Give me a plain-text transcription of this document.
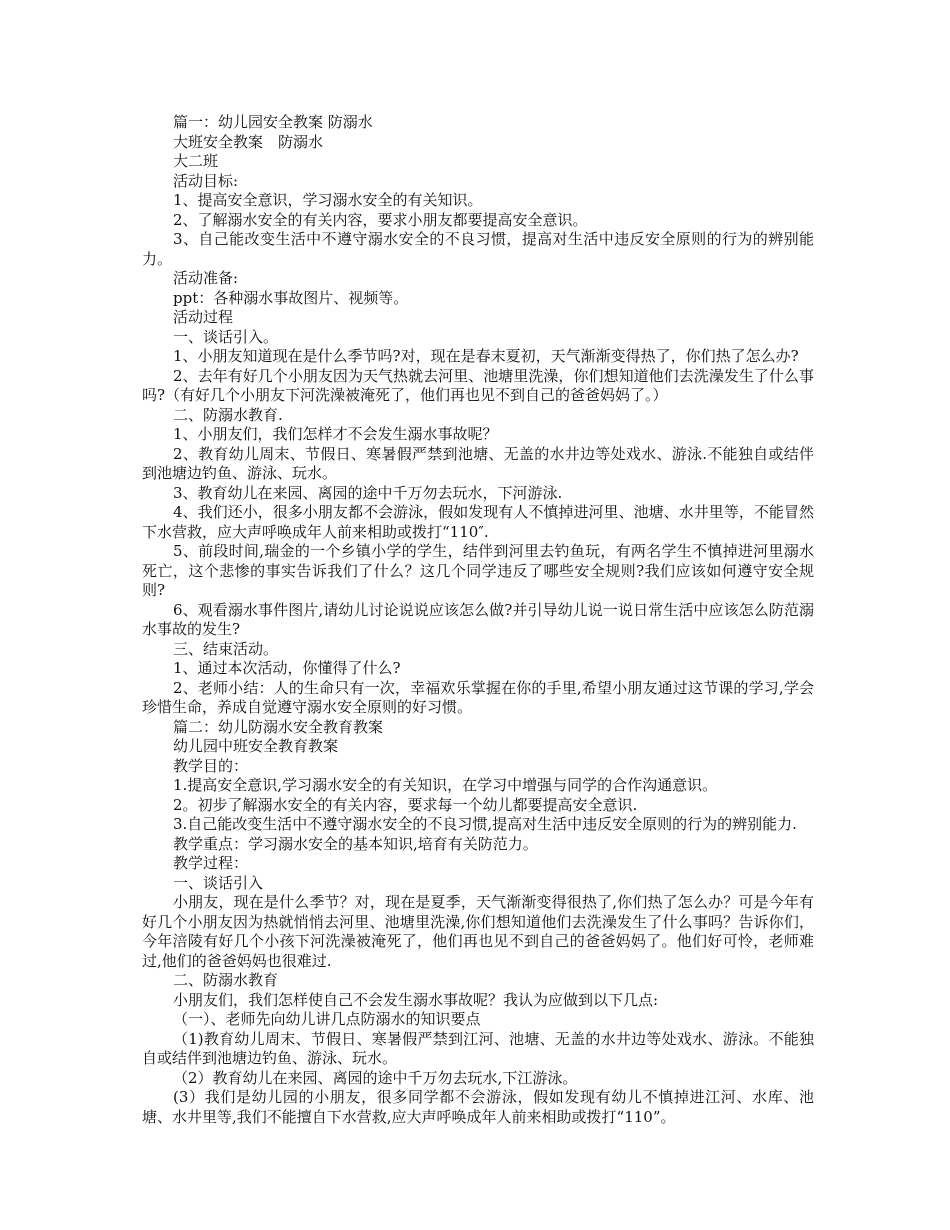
篇一：幼儿园安全教案 防溺水

大班安全教案　防溺水

大二班

活动目标:

1、提高安全意识，学习溺水安全的有关知识。

2、了解溺水安全的有关内容，要求小朋友都要提高安全意识。

3、自己能改变生活中不遵守溺水安全的不良习惯，提高对生活中违反安全原则的行为的辨别能力。

活动准备:

ppt：各种溺水事故图片、视频等。

活动过程

一、谈话引入。

1、小朋友知道现在是什么季节吗?对，现在是春末夏初，天气渐渐变得热了，你们热了怎么办?

2、去年有好几个小朋友因为天气热就去河里、池塘里洗澡，你们想知道他们去洗澡发生了什么事吗?（有好几个小朋友下河洗澡被淹死了，他们再也见不到自己的爸爸妈妈了。）

二、防溺水教育.

1、小朋友们，我们怎样才不会发生溺水事故呢？

2、教育幼儿周末、节假日、寒暑假严禁到池塘、无盖的水井边等处戏水、游泳.不能独自或结伴到池塘边钓鱼、游泳、玩水。

3、教育幼儿在来园、离园的途中千万勿去玩水，下河游泳.

4、我们还小，很多小朋友都不会游泳，假如发现有人不慎掉进河里、池塘、水井里等，不能冒然下水营救，应大声呼唤成年人前来相助或拨打“110″.

5、前段时间,瑞金的一个乡镇小学的学生，结伴到河里去钓鱼玩，有两名学生不慎掉进河里溺水死亡，这个悲惨的事实告诉我们了什么？这几个同学违反了哪些安全规则?我们应该如何遵守安全规则?

6、观看溺水事件图片,请幼儿讨论说说应该怎么做?并引导幼儿说一说日常生活中应该怎么防范溺水事故的发生?

三、结束活动。

1、通过本次活动，你懂得了什么?

2、老师小结：人的生命只有一次，幸福欢乐掌握在你的手里,希望小朋友通过这节课的学习,学会珍惜生命，养成自觉遵守溺水安全原则的好习惯。

篇二：幼儿防溺水安全教育教案

幼儿园中班安全教育教案

教学目的：

1.提高安全意识,学习溺水安全的有关知识，在学习中增强与同学的合作沟通意识。

2。初步了解溺水安全的有关内容，要求每一个幼儿都要提高安全意识.

3.自己能改变生活中不遵守溺水安全的不良习惯,提高对生活中违反安全原则的行为的辨别能力.

教学重点：学习溺水安全的基本知识,培育有关防范力。

教学过程：

一、谈话引入

小朋友，现在是什么季节？对，现在是夏季，天气渐渐变得很热了,你们热了怎么办？可是今年有好几个小朋友因为热就悄悄去河里、池塘里洗澡,你们想知道他们去洗澡发生了什么事吗？告诉你们，今年涪陵有好几个小孩下河洗澡被淹死了，他们再也见不到自己的爸爸妈妈了。他们好可怜，老师难过,他们的爸爸妈妈也很难过.

二、防溺水教育

小朋友们，我们怎样使自己不会发生溺水事故呢？我认为应做到以下几点:

（一）、老师先向幼儿讲几点防溺水的知识要点

（1)教育幼儿周末、节假日、寒暑假严禁到江河、池塘、无盖的水井边等处戏水、游泳。不能独自或结伴到池塘边钓鱼、游泳、玩水。

（2）教育幼儿在来园、离园的途中千万勿去玩水,下江游泳。

(3）我们是幼儿园的小朋友，很多同学都不会游泳，假如发现有幼儿不慎掉进江河、水库、池塘、水井里等,我们不能擅自下水营救,应大声呼唤成年人前来相助或拨打“110”。
